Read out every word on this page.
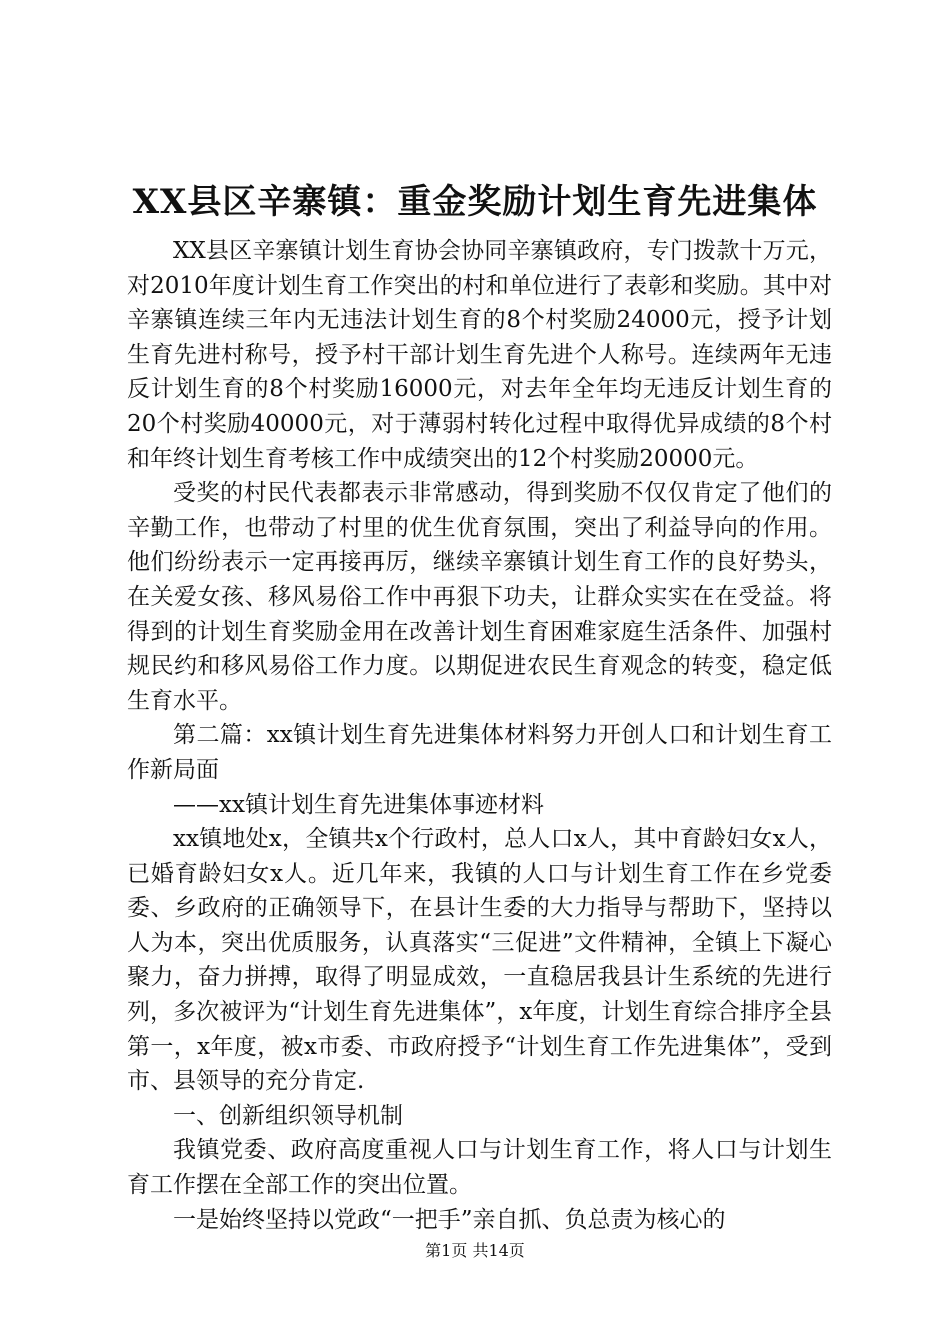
XX县区辛寨镇：重金奖励计划生育先进集体

XX县区辛寨镇计划生育协会协同辛寨镇政府，专门拨款十万元，对2010年度计划生育工作突出的村和单位进行了表彰和奖励。其中对辛寨镇连续三年内无违法计划生育的8个村奖励24000元，授予计划生育先进村称号，授予村干部计划生育先进个人称号。连续两年无违反计划生育的8个村奖励16000元，对去年全年均无违反计划生育的20个村奖励40000元，对于薄弱村转化过程中取得优异成绩的8个村和年终计划生育考核工作中成绩突出的12个村奖励20000元。

受奖的村民代表都表示非常感动，得到奖励不仅仅肯定了他们的辛勤工作，也带动了村里的优生优育氛围，突出了利益导向的作用。他们纷纷表示一定再接再厉，继续辛寨镇计划生育工作的良好势头，在关爱女孩、移风易俗工作中再狠下功夫，让群众实实在在受益。将得到的计划生育奖励金用在改善计划生育困难家庭生活条件、加强村规民约和移风易俗工作力度。以期促进农民生育观念的转变，稳定低生育水平。

第二篇：xx镇计划生育先进集体材料努力开创人口和计划生育工作新局面

——xx镇计划生育先进集体事迹材料

xx镇地处x，全镇共x个行政村，总人口x人，其中育龄妇女x人，已婚育龄妇女x人。近几年来，我镇的人口与计划生育工作在乡党委委、乡政府的正确领导下，在县计生委的大力指导与帮助下，坚持以人为本，突出优质服务，认真落实“三促进”文件精神，全镇上下凝心聚力，奋力拼搏，取得了明显成效，一直稳居我县计生系统的先进行列，多次被评为“计划生育先进集体”，x年度，计划生育综合排序全县第一，x年度，被x市委、市政府授予“计划生育工作先进集体”，受到市、县领导的充分肯定.

一、创新组织领导机制

我镇党委、政府高度重视人口与计划生育工作，将人口与计划生育工作摆在全部工作的突出位置。

一是始终坚持以党政“一把手”亲自抓、负总责为核心的

第1页 共14页
